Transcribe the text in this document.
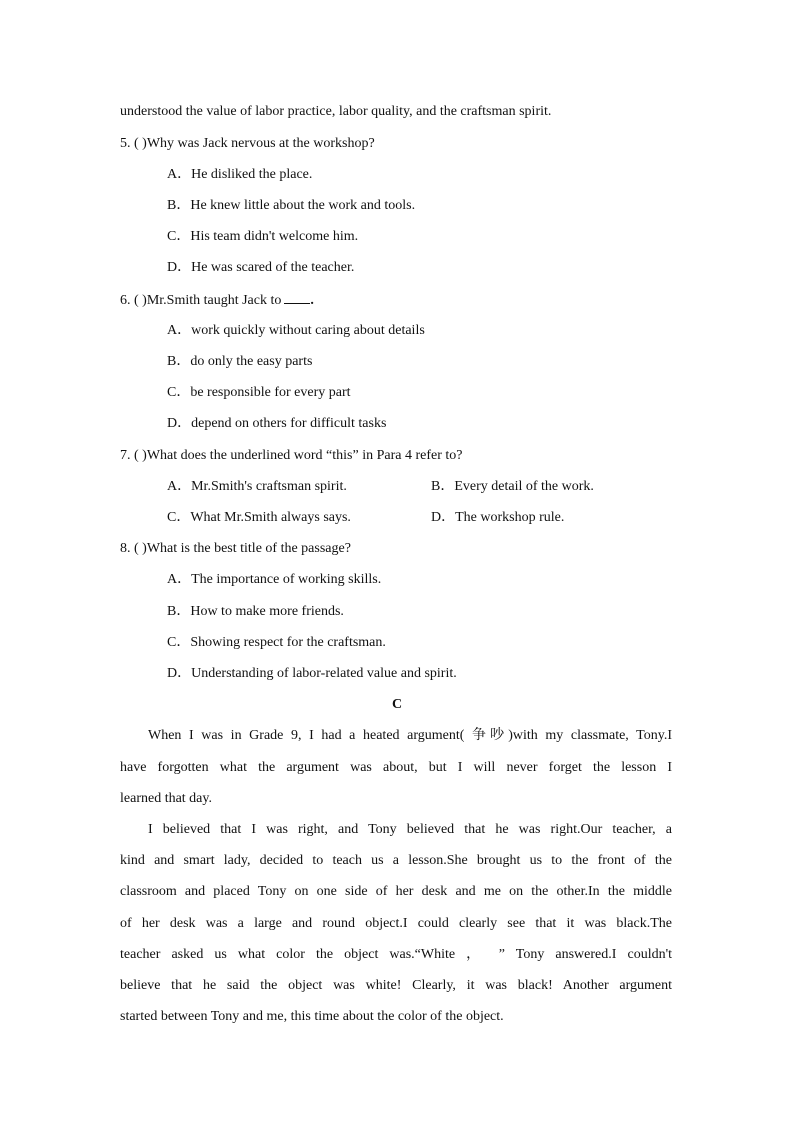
understood the value of labor practice, labor quality, and the craftsman spirit.
5. ( )Why was Jack nervous at the workshop?
A．He disliked the place.
B．He knew little about the work and tools.
C．His team didn't welcome him.
D．He was scared of the teacher.
6. ( )Mr.Smith taught Jack to .
A．work quickly without caring about details
B．do only the easy parts
C．be responsible for every part
D．depend on others for difficult tasks
7. ( )What does the underlined word “this” in Para 4 refer to?
A．Mr.Smith's craftsman spirit.	B．Every detail of the work.
C．What Mr.Smith always says.	D．The workshop rule.
8. ( )What is the best title of the passage?
A．The importance of working skills.
B．How to make more friends.
C．Showing respect for the craftsman.
D．Understanding of labor-related value and spirit.
C
When I was in Grade 9, I had a heated argument( 争吵)with my classmate, Tony.I
have forgotten what the argument was about, but I will never forget the lesson I
learned that day.
I believed that I was right, and Tony believed that he was right.Our teacher, a
kind and smart lady, decided to teach us a lesson.She brought us to the front of the
classroom and placed Tony on one side of her desk and me on the other.In the middle
of her desk was a large and round object.I could clearly see that it was black.The
teacher asked us what color the object was.“White ， ” Tony answered.I couldn't
believe that he said the object was white! Clearly, it was black! Another argument
started between Tony and me, this time about the color of the object.
